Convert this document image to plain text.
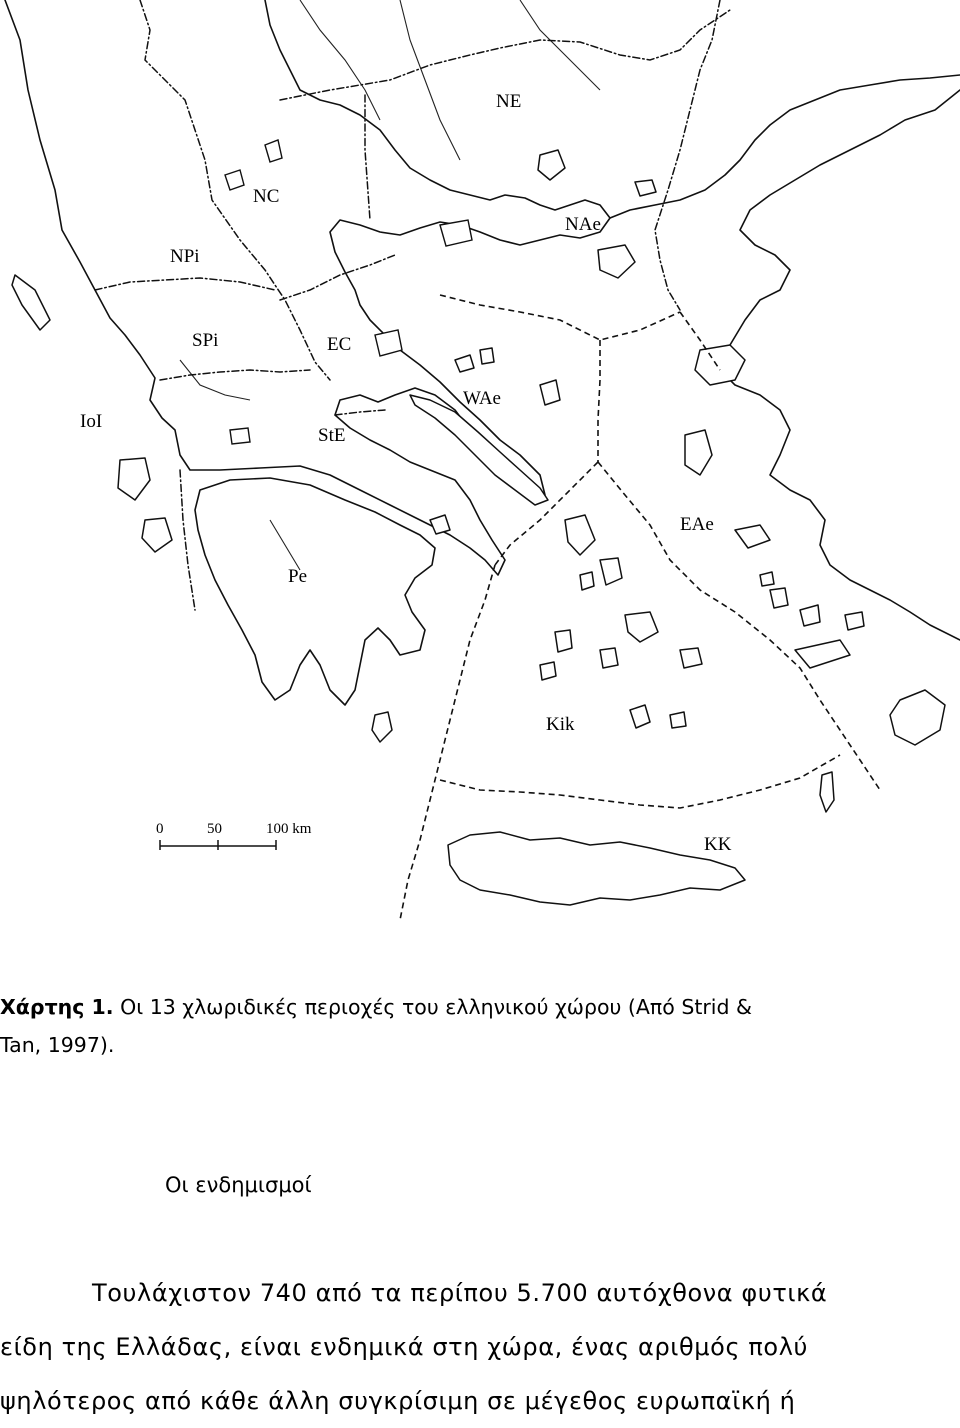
NE
NC
NPi
NAe
SPi	EC
IoI
WAe
StE
EAe
Pe
Kik
KK
0	50	100 km
Χάρτης 1. Οι 13 χλωριδικές περιοχές του ελληνικού χώρου (Από Strid &
Tan, 1997).
Οι ενδημισμοί
Τουλάχιστον 740 από τα περίπου 5.700 αυτόχθονα φυτικά
είδη της Ελλάδας, είναι ενδημικά στη χώρα, ένας αριθμός πολύ
ψηλότερος από κάθε άλλη συγκρίσιμη σε μέγεθος ευρωπαϊκή ή
